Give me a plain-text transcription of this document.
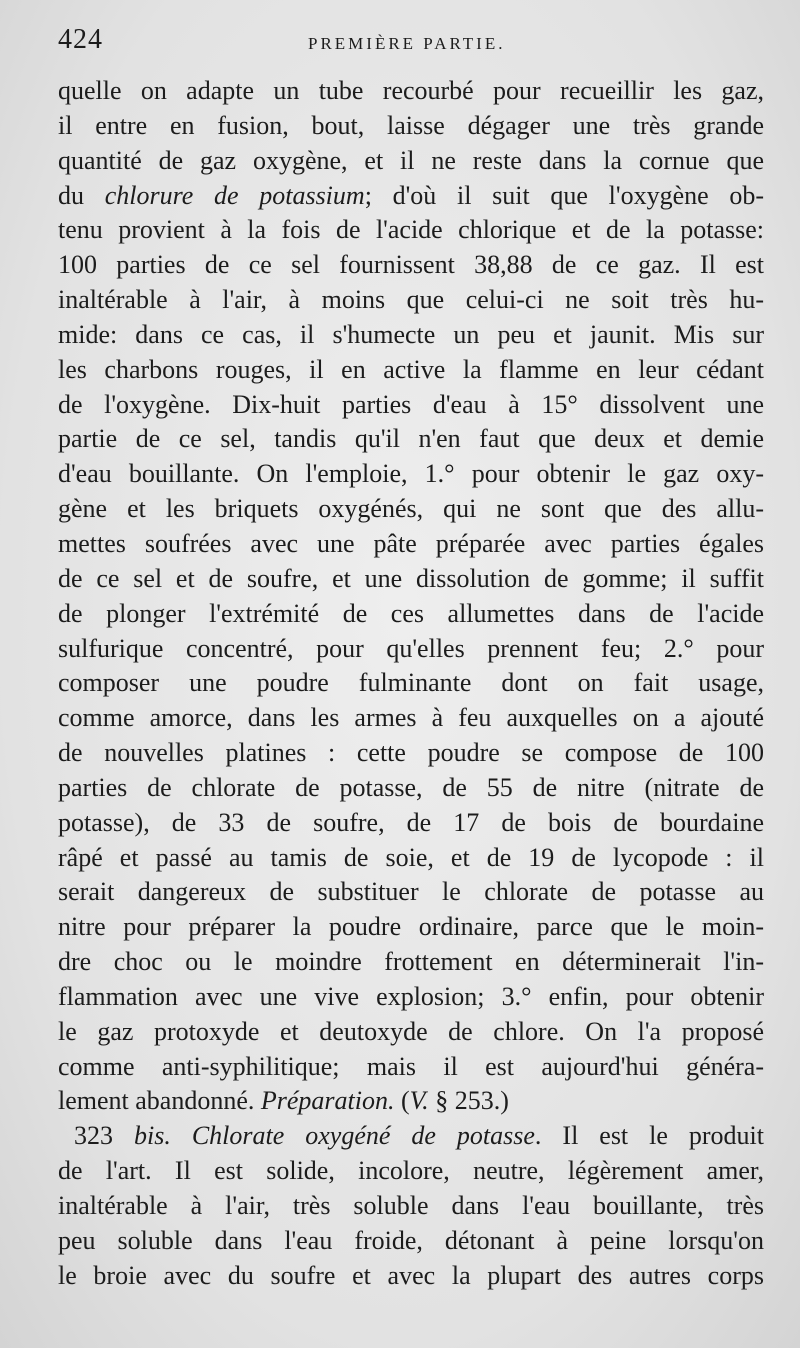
424	PREMIÈRE PARTIE.
quelle on adapte un tube recourbé pour recueillir les gaz,
il entre en fusion, bout, laisse dégager une très grande
quantité de gaz oxygène, et il ne reste dans la cornue que
du chlorure de potassium; d'où il suit que l'oxygène ob-
tenu provient à la fois de l'acide chlorique et de la potasse:
100 parties de ce sel fournissent 38,88 de ce gaz. Il est
inaltérable à l'air, à moins que celui-ci ne soit très hu-
mide: dans ce cas, il s'humecte un peu et jaunit. Mis sur
les charbons rouges, il en active la flamme en leur cédant
de l'oxygène. Dix-huit parties d'eau à 15° dissolvent une
partie de ce sel, tandis qu'il n'en faut que deux et demie
d'eau bouillante. On l'emploie, 1.° pour obtenir le gaz oxy-
gène et les briquets oxygénés, qui ne sont que des allu-
mettes soufrées avec une pâte préparée avec parties égales
de ce sel et de soufre, et une dissolution de gomme; il suffit
de plonger l'extrémité de ces allumettes dans de l'acide
sulfurique concentré, pour qu'elles prennent feu; 2.° pour
composer une poudre fulminante dont on fait usage,
comme amorce, dans les armes à feu auxquelles on a ajouté
de nouvelles platines : cette poudre se compose de 100
parties de chlorate de potasse, de 55 de nitre (nitrate de
potasse), de 33 de soufre, de 17 de bois de bourdaine
râpé et passé au tamis de soie, et de 19 de lycopode : il
serait dangereux de substituer le chlorate de potasse au
nitre pour préparer la poudre ordinaire, parce que le moin-
dre choc ou le moindre frottement en déterminerait l'in-
flammation avec une vive explosion; 3.° enfin, pour obtenir
le gaz protoxyde et deutoxyde de chlore. On l'a proposé
comme anti-syphilitique; mais il est aujourd'hui généra-
lement abandonné. Préparation. (V. § 253.)
323 bis. Chlorate oxygéné de potasse. Il est le produit
de l'art. Il est solide, incolore, neutre, légèrement amer,
inaltérable à l'air, très soluble dans l'eau bouillante, très
peu soluble dans l'eau froide, détonant à peine lorsqu'on
le broie avec du soufre et avec la plupart des autres corps
